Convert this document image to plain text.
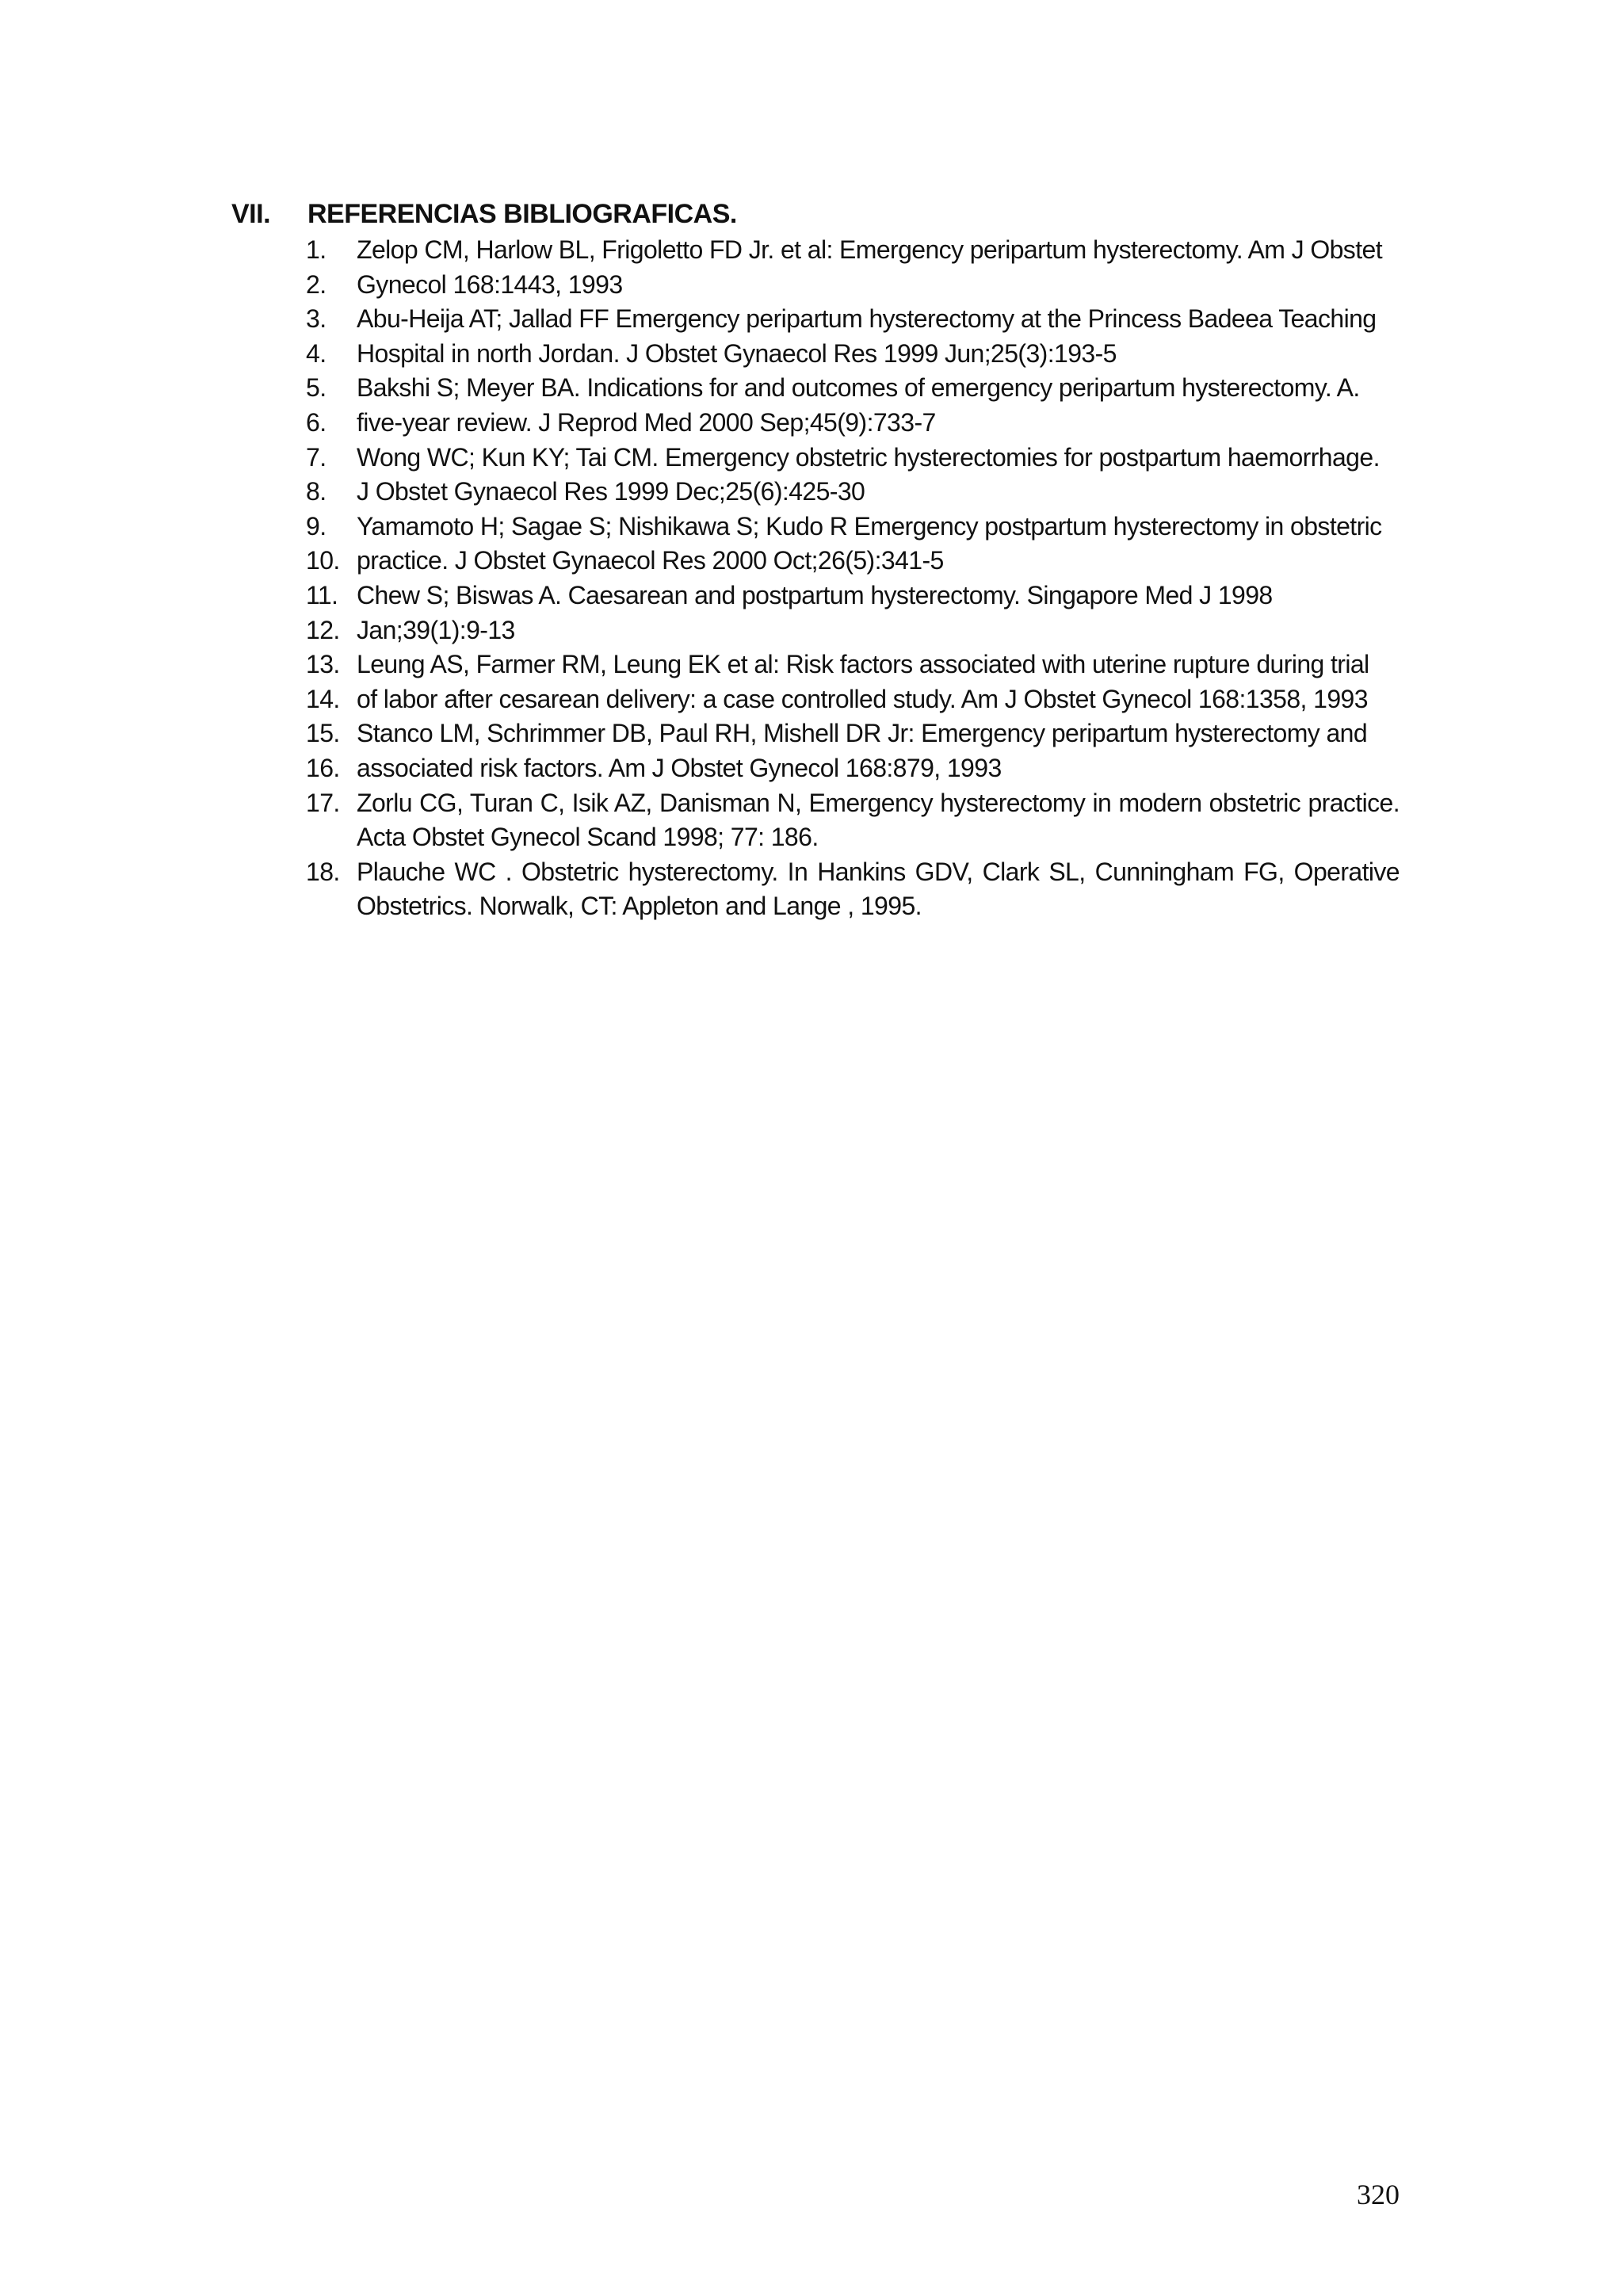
VII.	REFERENCIAS BIBLIOGRAFICAS.
1.	Zelop CM, Harlow BL, Frigoletto FD Jr. et al: Emergency peripartum hysterectomy. Am J Obstet
2.	Gynecol 168:1443, 1993
3.	Abu-Heija AT; Jallad FF Emergency peripartum hysterectomy at the Princess Badeea Teaching
4.	Hospital in north Jordan. J Obstet Gynaecol Res 1999 Jun;25(3):193-5
5.	Bakshi S; Meyer BA. Indications for and outcomes of emergency peripartum hysterectomy. A.
6.	five-year review. J Reprod Med 2000 Sep;45(9):733-7
7.	Wong WC; Kun KY; Tai CM. Emergency obstetric hysterectomies for postpartum haemorrhage.
8.	J Obstet Gynaecol Res 1999 Dec;25(6):425-30
9.	Yamamoto H; Sagae S; Nishikawa S; Kudo R Emergency postpartum hysterectomy in obstetric
10. practice. J Obstet Gynaecol Res 2000 Oct;26(5):341-5
11. Chew S; Biswas A. Caesarean and postpartum hysterectomy. Singapore Med J 1998
12. Jan;39(1):9-13
13. Leung AS, Farmer RM, Leung EK et al: Risk factors associated with uterine rupture during trial
14. of labor after cesarean delivery: a case controlled study. Am J Obstet Gynecol 168:1358, 1993
15. Stanco LM, Schrimmer DB, Paul RH, Mishell DR Jr: Emergency peripartum hysterectomy and
16. associated risk factors. Am J Obstet Gynecol 168:879, 1993
17. Zorlu CG, Turan C, Isik AZ, Danisman N, Emergency hysterectomy in modern obstetric practice. Acta Obstet Gynecol Scand 1998; 77: 186.
18. Plauche WC . Obstetric hysterectomy. In Hankins GDV, Clark SL, Cunningham FG, Operative Obstetrics. Norwalk, CT: Appleton and Lange , 1995.
320
